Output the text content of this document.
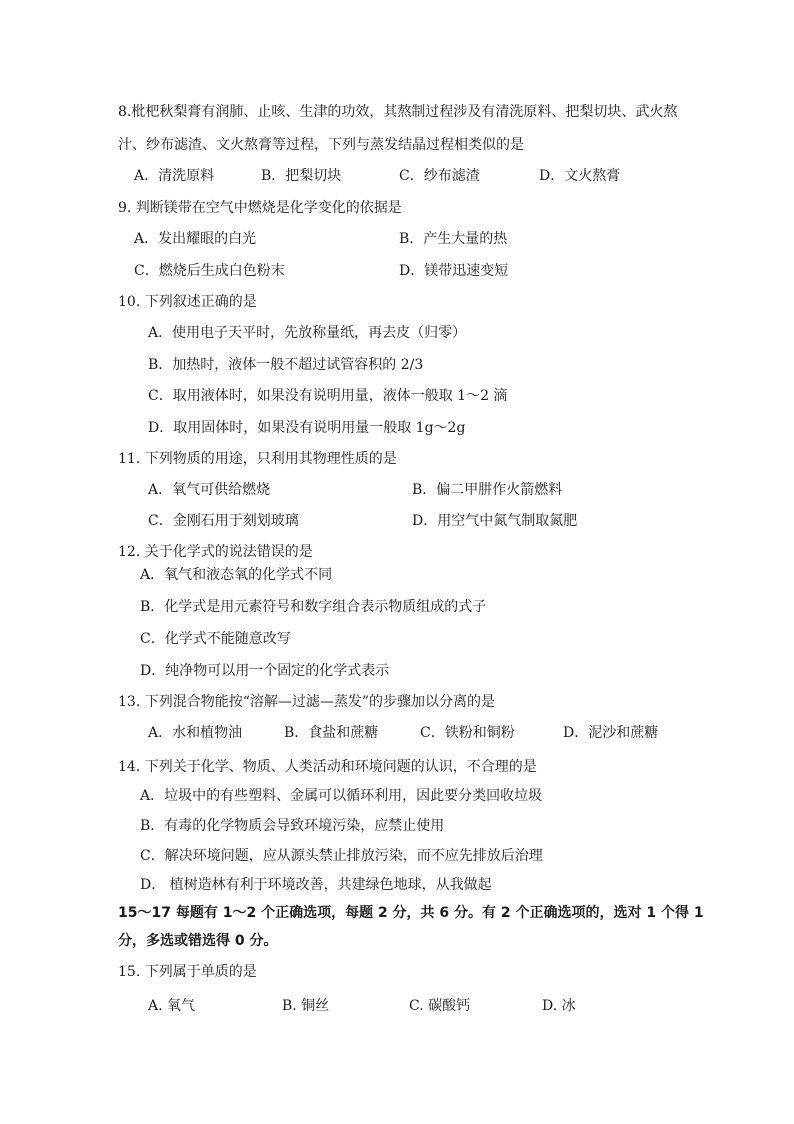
8.枇杷秋梨膏有润肺、止咳、生津的功效，其熬制过程涉及有清洗原料、把梨切块、武火熬
汁、纱布滤渣、文火熬膏等过程，下列与蒸发结晶过程相类似的是
A．清洗原料	B．把梨切块	C．纱布滤渣	D．文火熬膏
9. 判断镁带在空气中燃烧是化学变化的依据是
A．发出耀眼的白光	B．产生大量的热
C．燃烧后生成白色粉末	D．镁带迅速变短
10. 下列叙述正确的是
A．使用电子天平时，先放称量纸，再去皮（归零）
B．加热时，液体一般不超过试管容积的 2/3
C．取用液体时，如果没有说明用量，液体一般取 1～2 滴
D．取用固体时，如果没有说明用量一般取 1g～2g
11. 下列物质的用途，只利用其物理性质的是
A．氧气可供给燃烧	B．偏二甲肼作火箭燃料
C．金刚石用于刻划玻璃	D．用空气中氮气制取氮肥
12. 关于化学式的说法错误的是
A．氧气和液态氧的化学式不同
B．化学式是用元素符号和数字组合表示物质组成的式子
C．化学式不能随意改写
D．纯净物可以用一个固定的化学式表示
13. 下列混合物能按“溶解—过滤—蒸发”的步骤加以分离的是
A．水和植物油	B．食盐和蔗糖	C．铁粉和铜粉	D．泥沙和蔗糖
14. 下列关于化学、物质、人类活动和环境问题的认识，不合理的是
A．垃圾中的有些塑料、金属可以循环利用，因此要分类回收垃圾
B．有毒的化学物质会导致环境污染，应禁止使用
C．解决环境问题，应从源头禁止排放污染，而不应先排放后治理
D． 植树造林有利于环境改善，共建绿色地球，从我做起
15～17 每题有 1～2 个正确选项，每题 2 分，共 6 分。有 2 个正确选项的，选对 1 个得 1
分，多选或错选得 0 分。
15. 下列属于单质的是
A. 氧气	B. 铜丝	C. 碳酸钙	D. 冰
